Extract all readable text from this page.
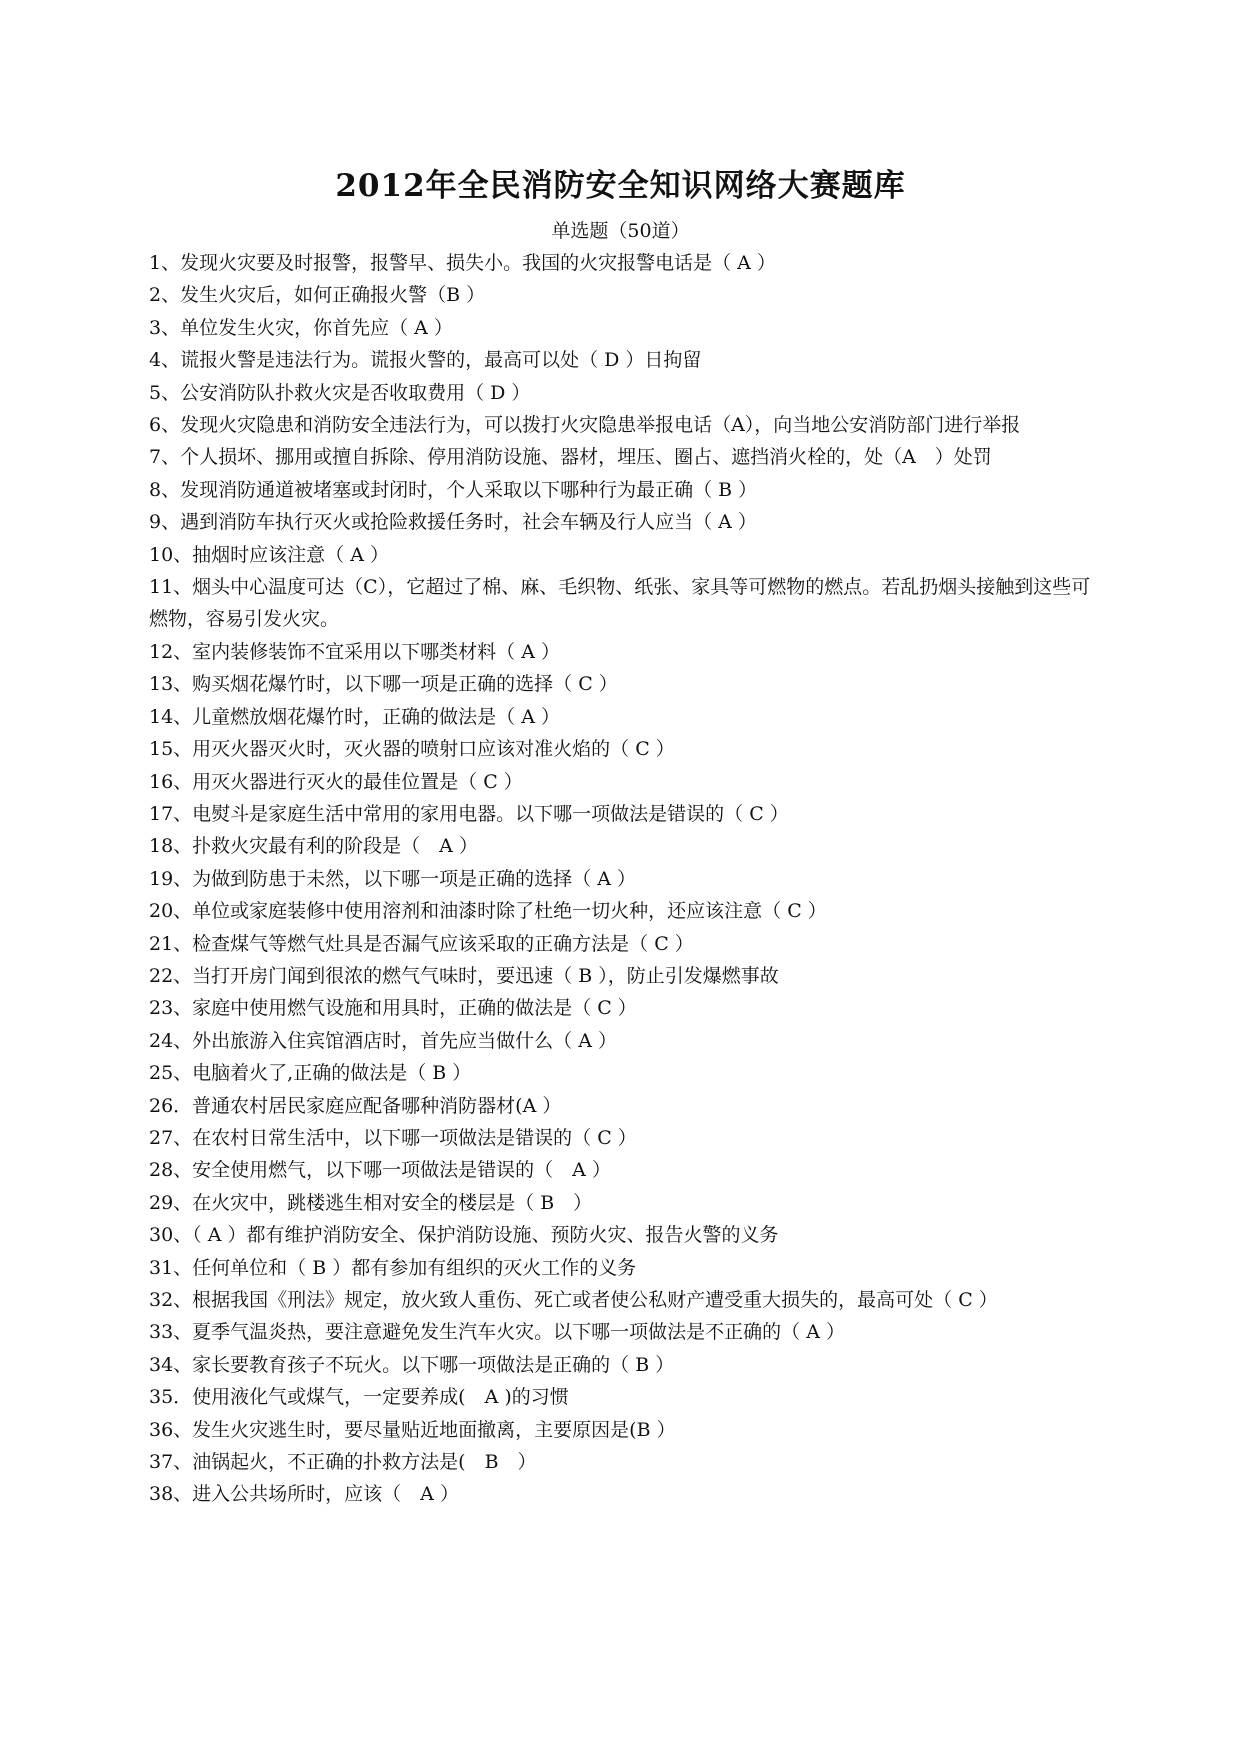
2012年全民消防安全知识网络大赛题库
单选题（50道）
1、发现火灾要及时报警，报警早、损失小。我国的火灾报警电话是（ A ）
2、发生火灾后，如何正确报火警（B ）
3、单位发生火灾，你首先应（ A ）
4、谎报火警是违法行为。谎报火警的，最高可以处（ D ）日拘留
5、公安消防队扑救火灾是否收取费用（ D ）
6、发现火灾隐患和消防安全违法行为，可以拨打火灾隐患举报电话（A），向当地公安消防部门进行举报
7、个人损坏、挪用或擅自拆除、停用消防设施、器材，埋压、圈占、遮挡消火栓的，处（A　）处罚
8、发现消防通道被堵塞或封闭时，个人采取以下哪种行为最正确（ B ）
9、遇到消防车执行灭火或抢险救援任务时，社会车辆及行人应当（ A ）
10、抽烟时应该注意（ A ）
11、烟头中心温度可达（C），它超过了棉、麻、毛织物、纸张、家具等可燃物的燃点。若乱扔烟头接触到这些可燃物，容易引发火灾。
12、室内装修装饰不宜采用以下哪类材料（ A ）
13、购买烟花爆竹时，以下哪一项是正确的选择（ C ）
14、儿童燃放烟花爆竹时，正确的做法是（ A ）
15、用灭火器灭火时，灭火器的喷射口应该对准火焰的（ C ）
16、用灭火器进行灭火的最佳位置是（ C ）
17、电熨斗是家庭生活中常用的家用电器。以下哪一项做法是错误的（ C ）
18、扑救火灾最有利的阶段是（　A ）
19、为做到防患于未然，以下哪一项是正确的选择（ A ）
20、单位或家庭装修中使用溶剂和油漆时除了杜绝一切火种，还应该注意（ C ）
21、检查煤气等燃气灶具是否漏气应该采取的正确方法是（ C ）
22、当打开房门闻到很浓的燃气气味时，要迅速（ B ），防止引发爆燃事故
23、家庭中使用燃气设施和用具时，正确的做法是（ C ）
24、外出旅游入住宾馆酒店时，首先应当做什么（ A ）
25、电脑着火了,正确的做法是（ B ）
26．普通农村居民家庭应配备哪种消防器材(A ）
27、在农村日常生活中，以下哪一项做法是错误的（ C ）
28、安全使用燃气，以下哪一项做法是错误的（　A ）
29、在火灾中，跳楼逃生相对安全的楼层是（ B　）
30、（ A ）都有维护消防安全、保护消防设施、预防火灾、报告火警的义务
31、任何单位和（ B ）都有参加有组织的灭火工作的义务
32、根据我国《刑法》规定，放火致人重伤、死亡或者使公私财产遭受重大损失的，最高可处（ C ）
33、夏季气温炎热，要注意避免发生汽车火灾。以下哪一项做法是不正确的（ A ）
34、家长要教育孩子不玩火。以下哪一项做法是正确的（ B ）
35．使用液化气或煤气，一定要养成(　A )的习惯
36、发生火灾逃生时，要尽量贴近地面撤离，主要原因是(B ）
37、油锅起火，不正确的扑救方法是(　B　）
38、进入公共场所时，应该（　A ）
